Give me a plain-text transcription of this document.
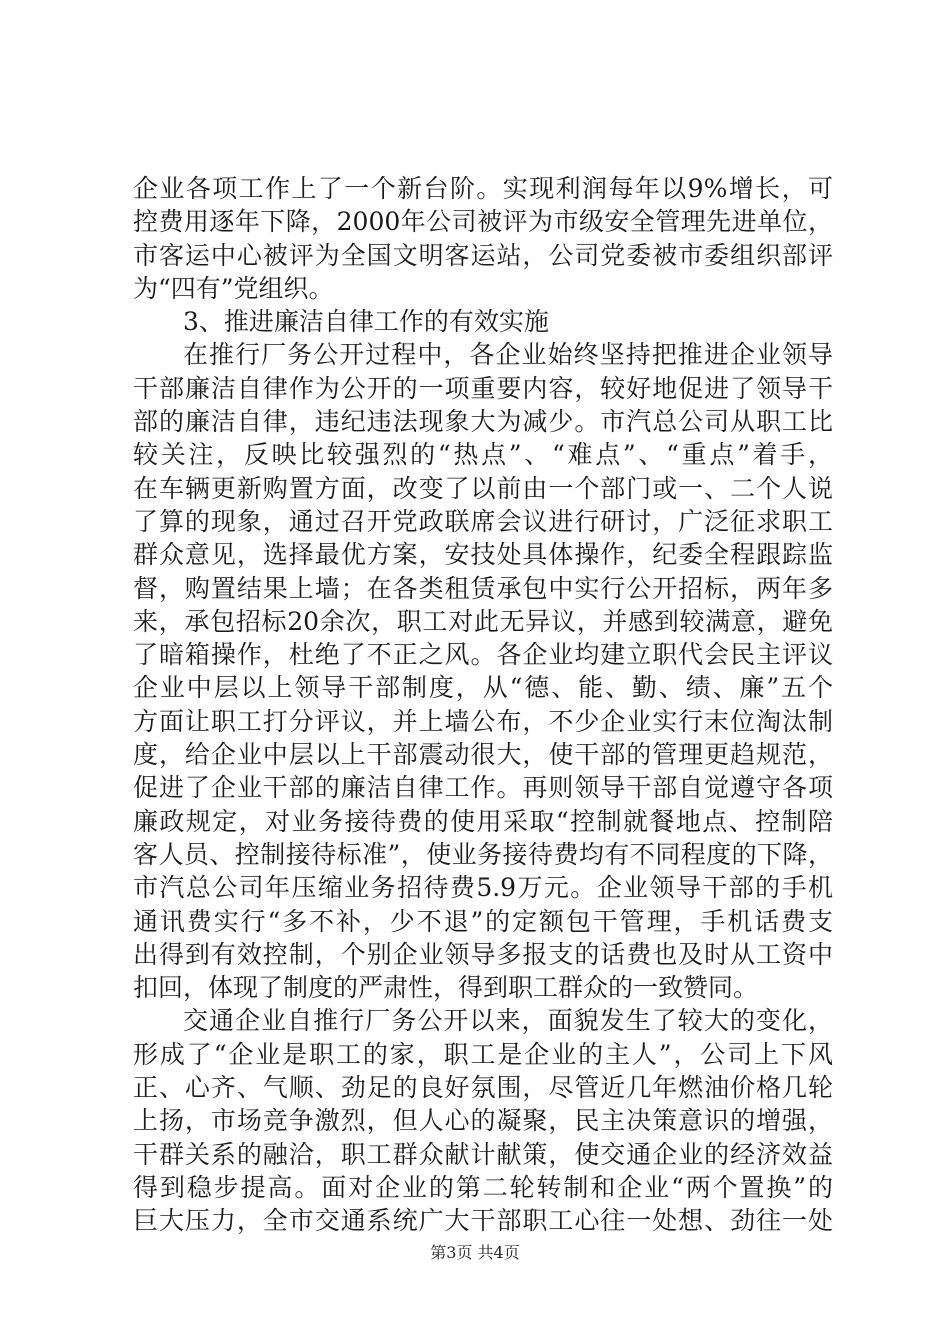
企业各项工作上了一个新台阶。实现利润每年以9%增长，可
控费用逐年下降，2000年公司被评为市级安全管理先进单位，
市客运中心被评为全国文明客运站，公司党委被市委组织部评
为“四有”党组织。
3、推进廉洁自律工作的有效实施
在推行厂务公开过程中，各企业始终坚持把推进企业领导
干部廉洁自律作为公开的一项重要内容，较好地促进了领导干
部的廉洁自律，违纪违法现象大为减少。市汽总公司从职工比
较关注，反映比较强烈的“热点”、“难点”、“重点”着手，
在车辆更新购置方面，改变了以前由一个部门或一、二个人说
了算的现象，通过召开党政联席会议进行研讨，广泛征求职工
群众意见，选择最优方案，安技处具体操作，纪委全程跟踪监
督，购置结果上墙；在各类租赁承包中实行公开招标，两年多
来，承包招标20余次，职工对此无异议，并感到较满意，避免
了暗箱操作，杜绝了不正之风。各企业均建立职代会民主评议
企业中层以上领导干部制度，从“德、能、勤、绩、廉”五个
方面让职工打分评议，并上墙公布，不少企业实行末位淘汰制
度，给企业中层以上干部震动很大，使干部的管理更趋规范，
促进了企业干部的廉洁自律工作。再则领导干部自觉遵守各项
廉政规定，对业务接待费的使用采取“控制就餐地点、控制陪
客人员、控制接待标准”，使业务接待费均有不同程度的下降，
市汽总公司年压缩业务招待费5.9万元。企业领导干部的手机
通讯费实行“多不补，少不退”的定额包干管理，手机话费支
出得到有效控制，个别企业领导多报支的话费也及时从工资中
扣回，体现了制度的严肃性，得到职工群众的一致赞同。
交通企业自推行厂务公开以来，面貌发生了较大的变化，
形成了“企业是职工的家，职工是企业的主人”，公司上下风
正、心齐、气顺、劲足的良好氛围，尽管近几年燃油价格几轮
上扬，市场竞争激烈，但人心的凝聚，民主决策意识的增强，
干群关系的融洽，职工群众献计献策，使交通企业的经济效益
得到稳步提高。面对企业的第二轮转制和企业“两个置换”的
巨大压力，全市交通系统广大干部职工心往一处想、劲往一处
第3页 共4页
